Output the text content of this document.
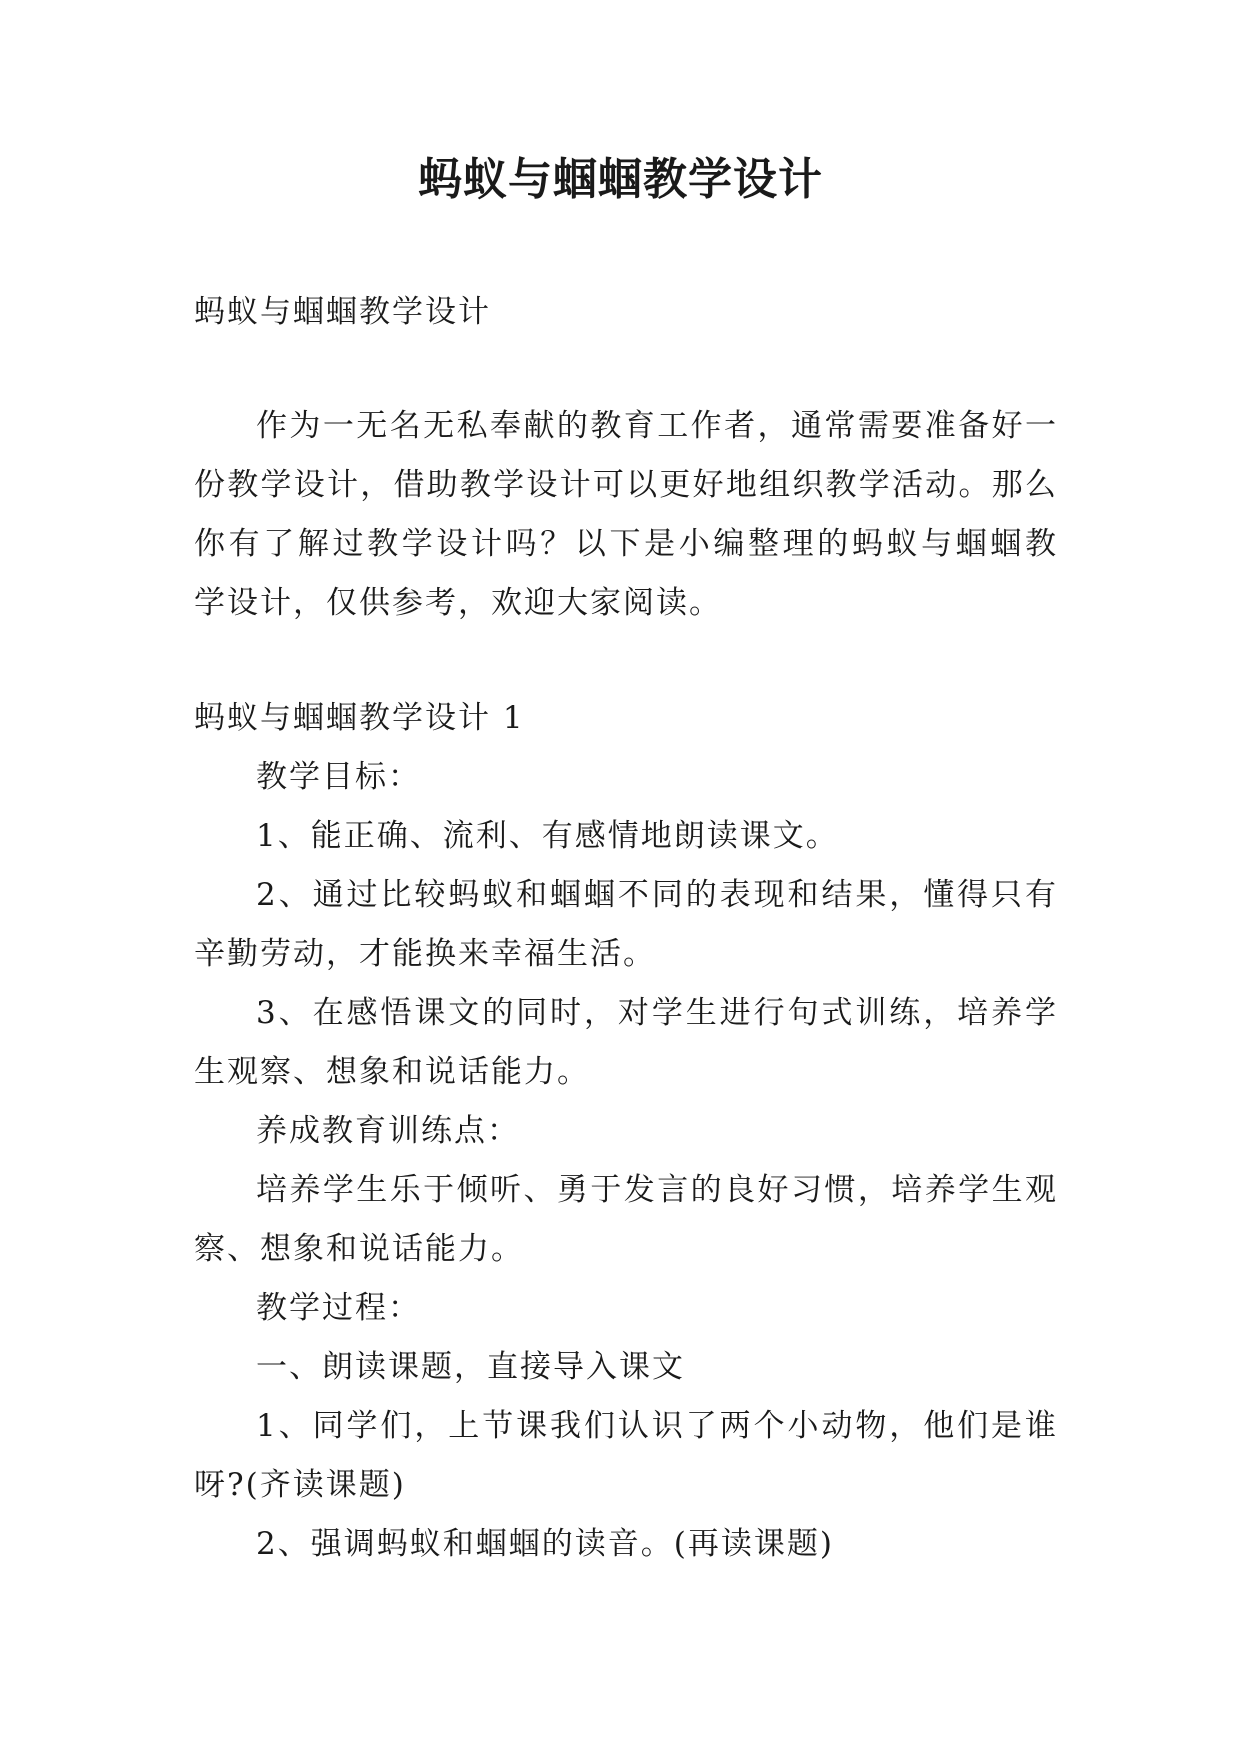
蚂蚁与蝈蝈教学设计

蚂蚁与蝈蝈教学设计

作为一无名无私奉献的教育工作者，通常需要准备好一

份教学设计，借助教学设计可以更好地组织教学活动。那么

你有了解过教学设计吗？以下是小编整理的蚂蚁与蝈蝈教

学设计，仅供参考，欢迎大家阅读。

蚂蚁与蝈蝈教学设计 1

教学目标：

1、能正确、流利、有感情地朗读课文。

2、通过比较蚂蚁和蝈蝈不同的表现和结果，懂得只有

辛勤劳动，才能换来幸福生活。

3、在感悟课文的同时，对学生进行句式训练，培养学

生观察、想象和说话能力。

养成教育训练点：

培养学生乐于倾听、勇于发言的良好习惯，培养学生观

察、想象和说话能力。

教学过程：

一、朗读课题，直接导入课文

1、同学们，上节课我们认识了两个小动物，他们是谁

呀?(齐读课题)

2、强调蚂蚁和蝈蝈的读音。(再读课题)
